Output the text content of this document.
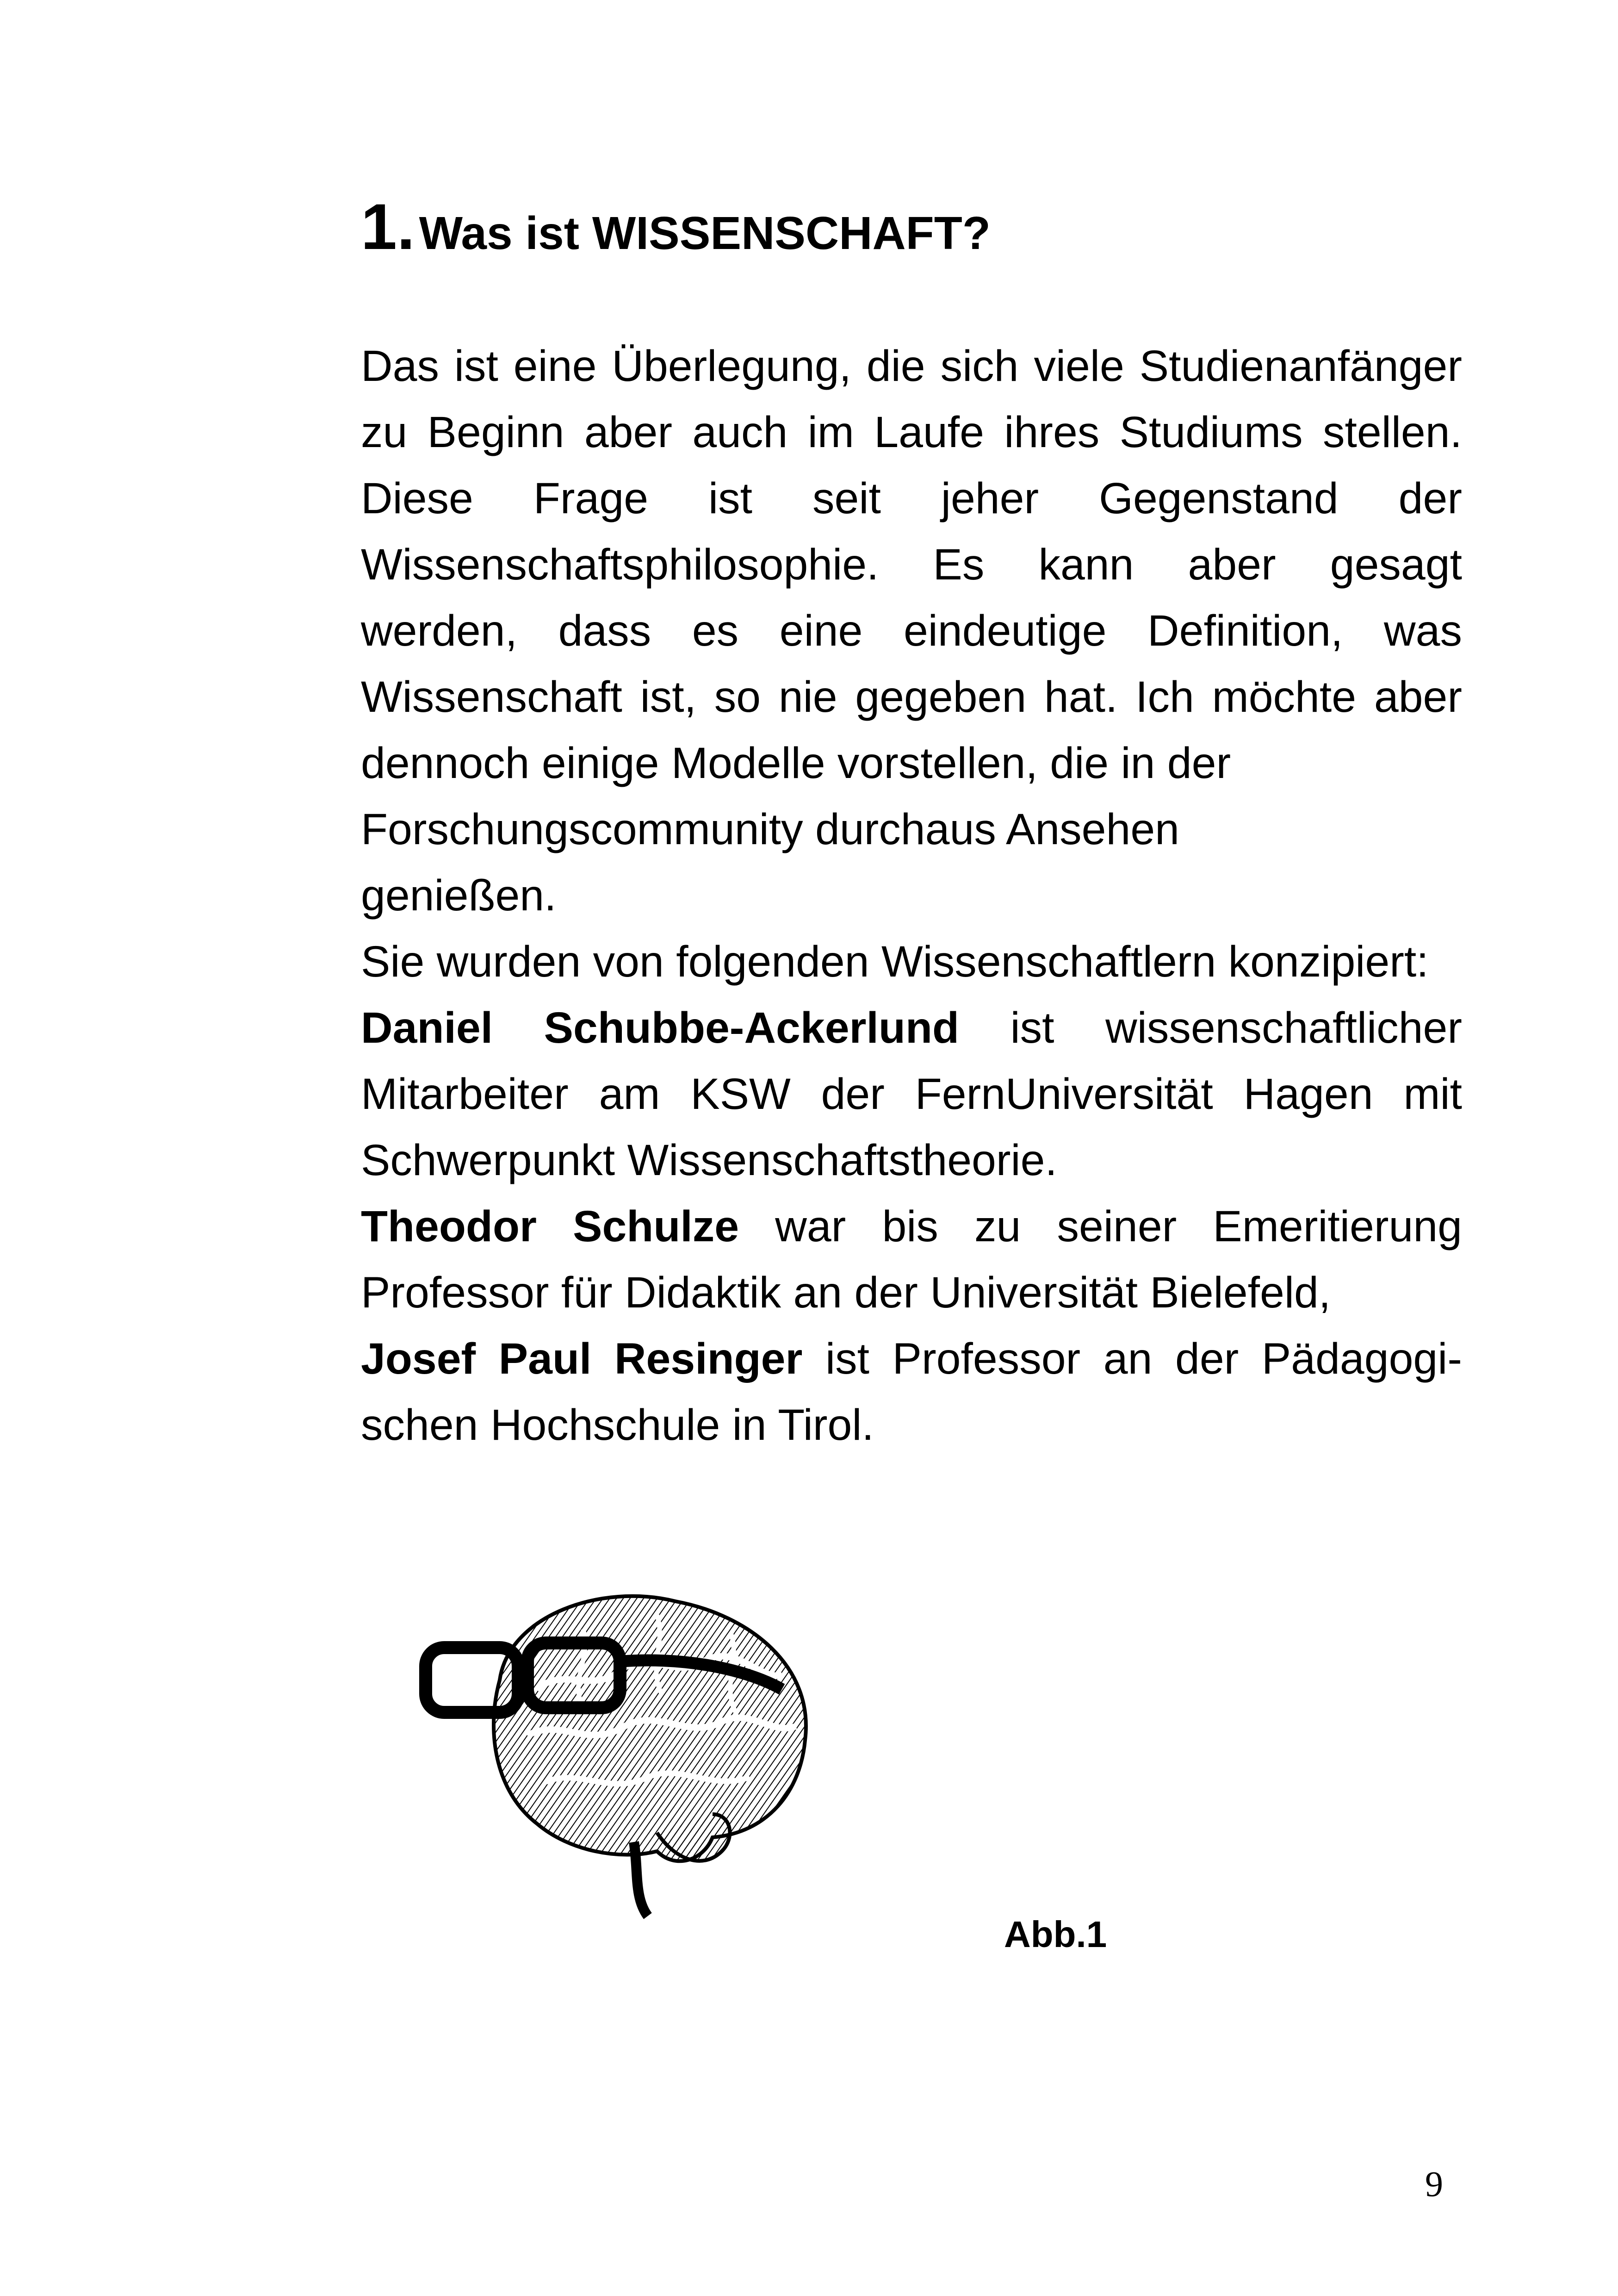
1. Was ist WISSENSCHAFT?

Das ist eine Überlegung, die sich viele Studienanfänger zu Beginn aber auch im Laufe ihres Studiums stellen. Diese Frage ist seit jeher Gegenstand der Wissenschaftsphilosophie. Es kann aber gesagt werden, dass es eine eindeutige Definition, was Wissenschaft ist, so nie gegeben hat. Ich möchte aber dennoch einige Modelle vorstellen, die in der

Forschungscommunity durchaus Ansehen

genießen.

Sie wurden von folgenden Wissenschaftlern konzipiert:

Daniel Schubbe-Ackerlund ist wissenschaftlicher Mitarbeiter am KSW der FernUniversität Hagen mit Schwerpunkt Wissenschaftstheorie.

Theodor Schulze war bis zu seiner Emeritierung Professor für Didaktik an der Universität Bielefeld,

Josef Paul Resinger ist Professor an der Pädagogischen Hochschule in Tirol.

Abb.1
9
